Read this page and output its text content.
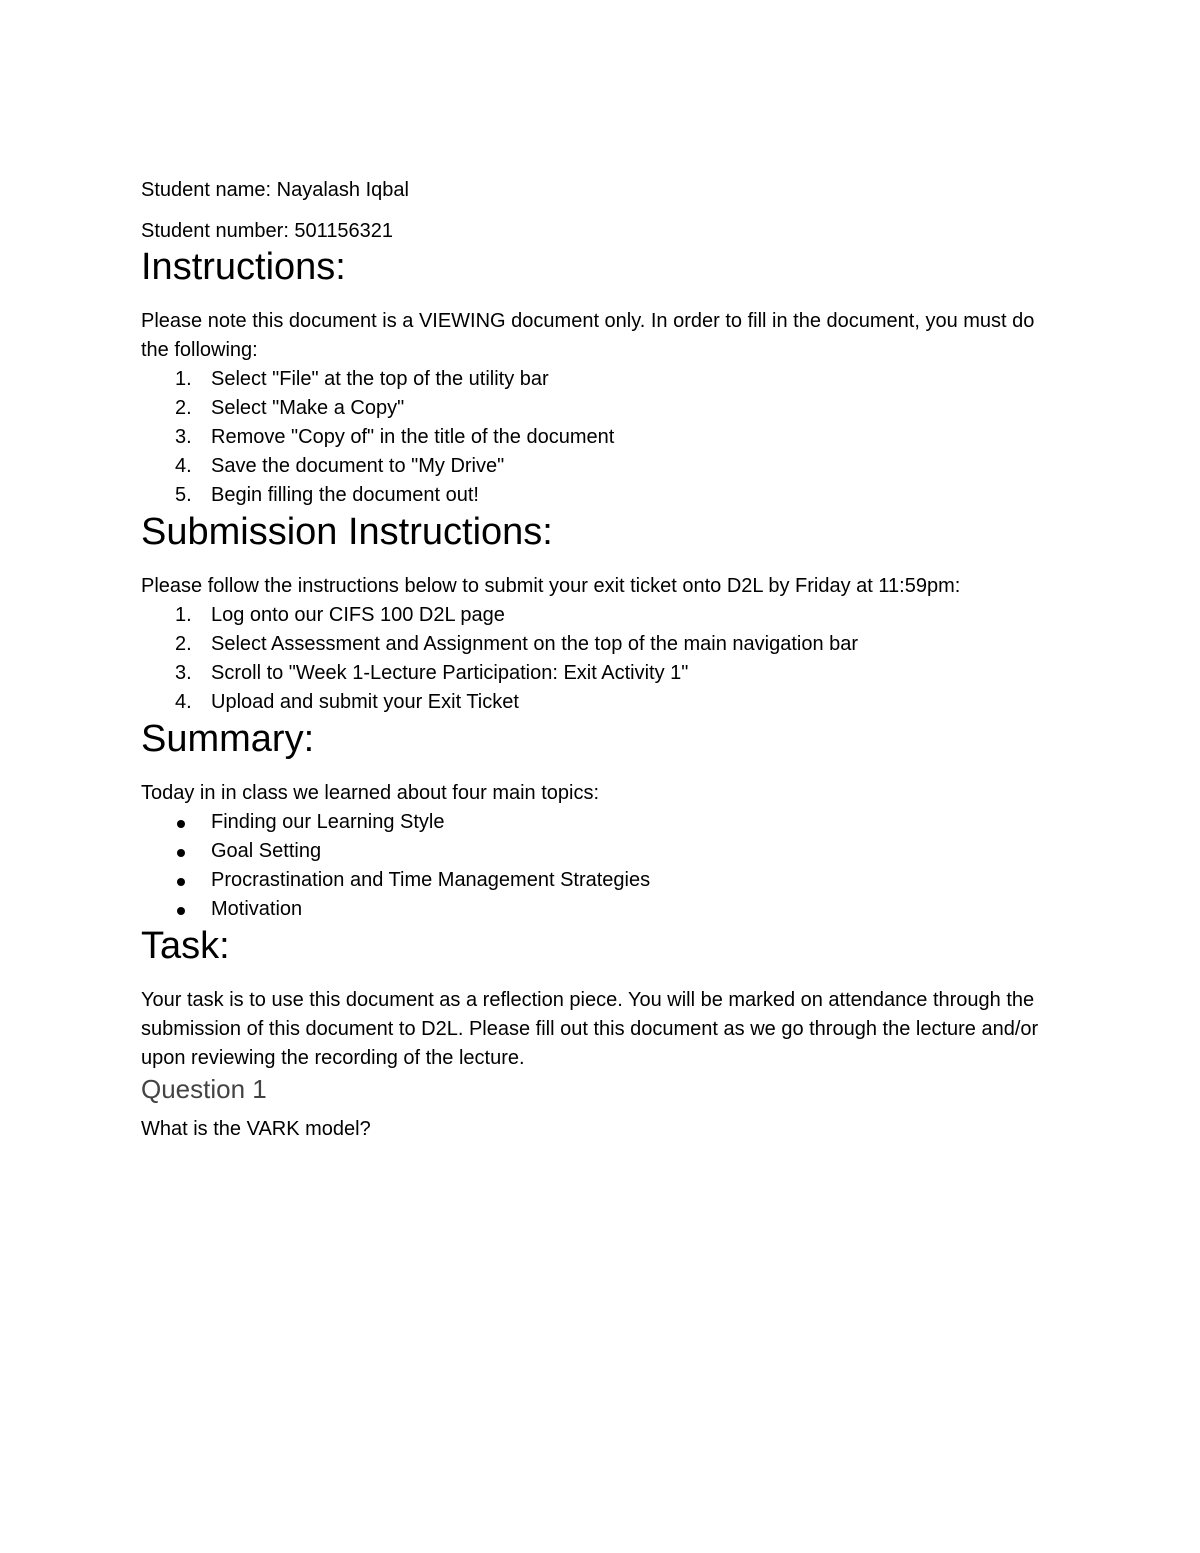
Student name: Nayalash Iqbal

Student number: 501156321

Instructions:

Please note this document is a VIEWING document only. In order to fill in the document, you must do the following:

1. Select "File" at the top of the utility bar
2. Select "Make a Copy"
3. Remove "Copy of" in the title of the document
4. Save the document to "My Drive"
5. Begin filling the document out!
Submission Instructions:

Please follow the instructions below to submit your exit ticket onto D2L by Friday at 11:59pm:

1. Log onto our CIFS 100 D2L page
2. Select Assessment and Assignment on the top of the main navigation bar
3. Scroll to "Week 1-Lecture Participation: Exit Activity 1"
4. Upload and submit your Exit Ticket
Summary:

Today in in class we learned about four main topics:

Finding our Learning Style
Goal Setting
Procrastination and Time Management Strategies
Motivation
Task:

Your task is to use this document as a reflection piece. You will be marked on attendance through the submission of this document to D2L. Please fill out this document as we go through the lecture and/or upon reviewing the recording of the lecture.

Question 1

What is the VARK model?
